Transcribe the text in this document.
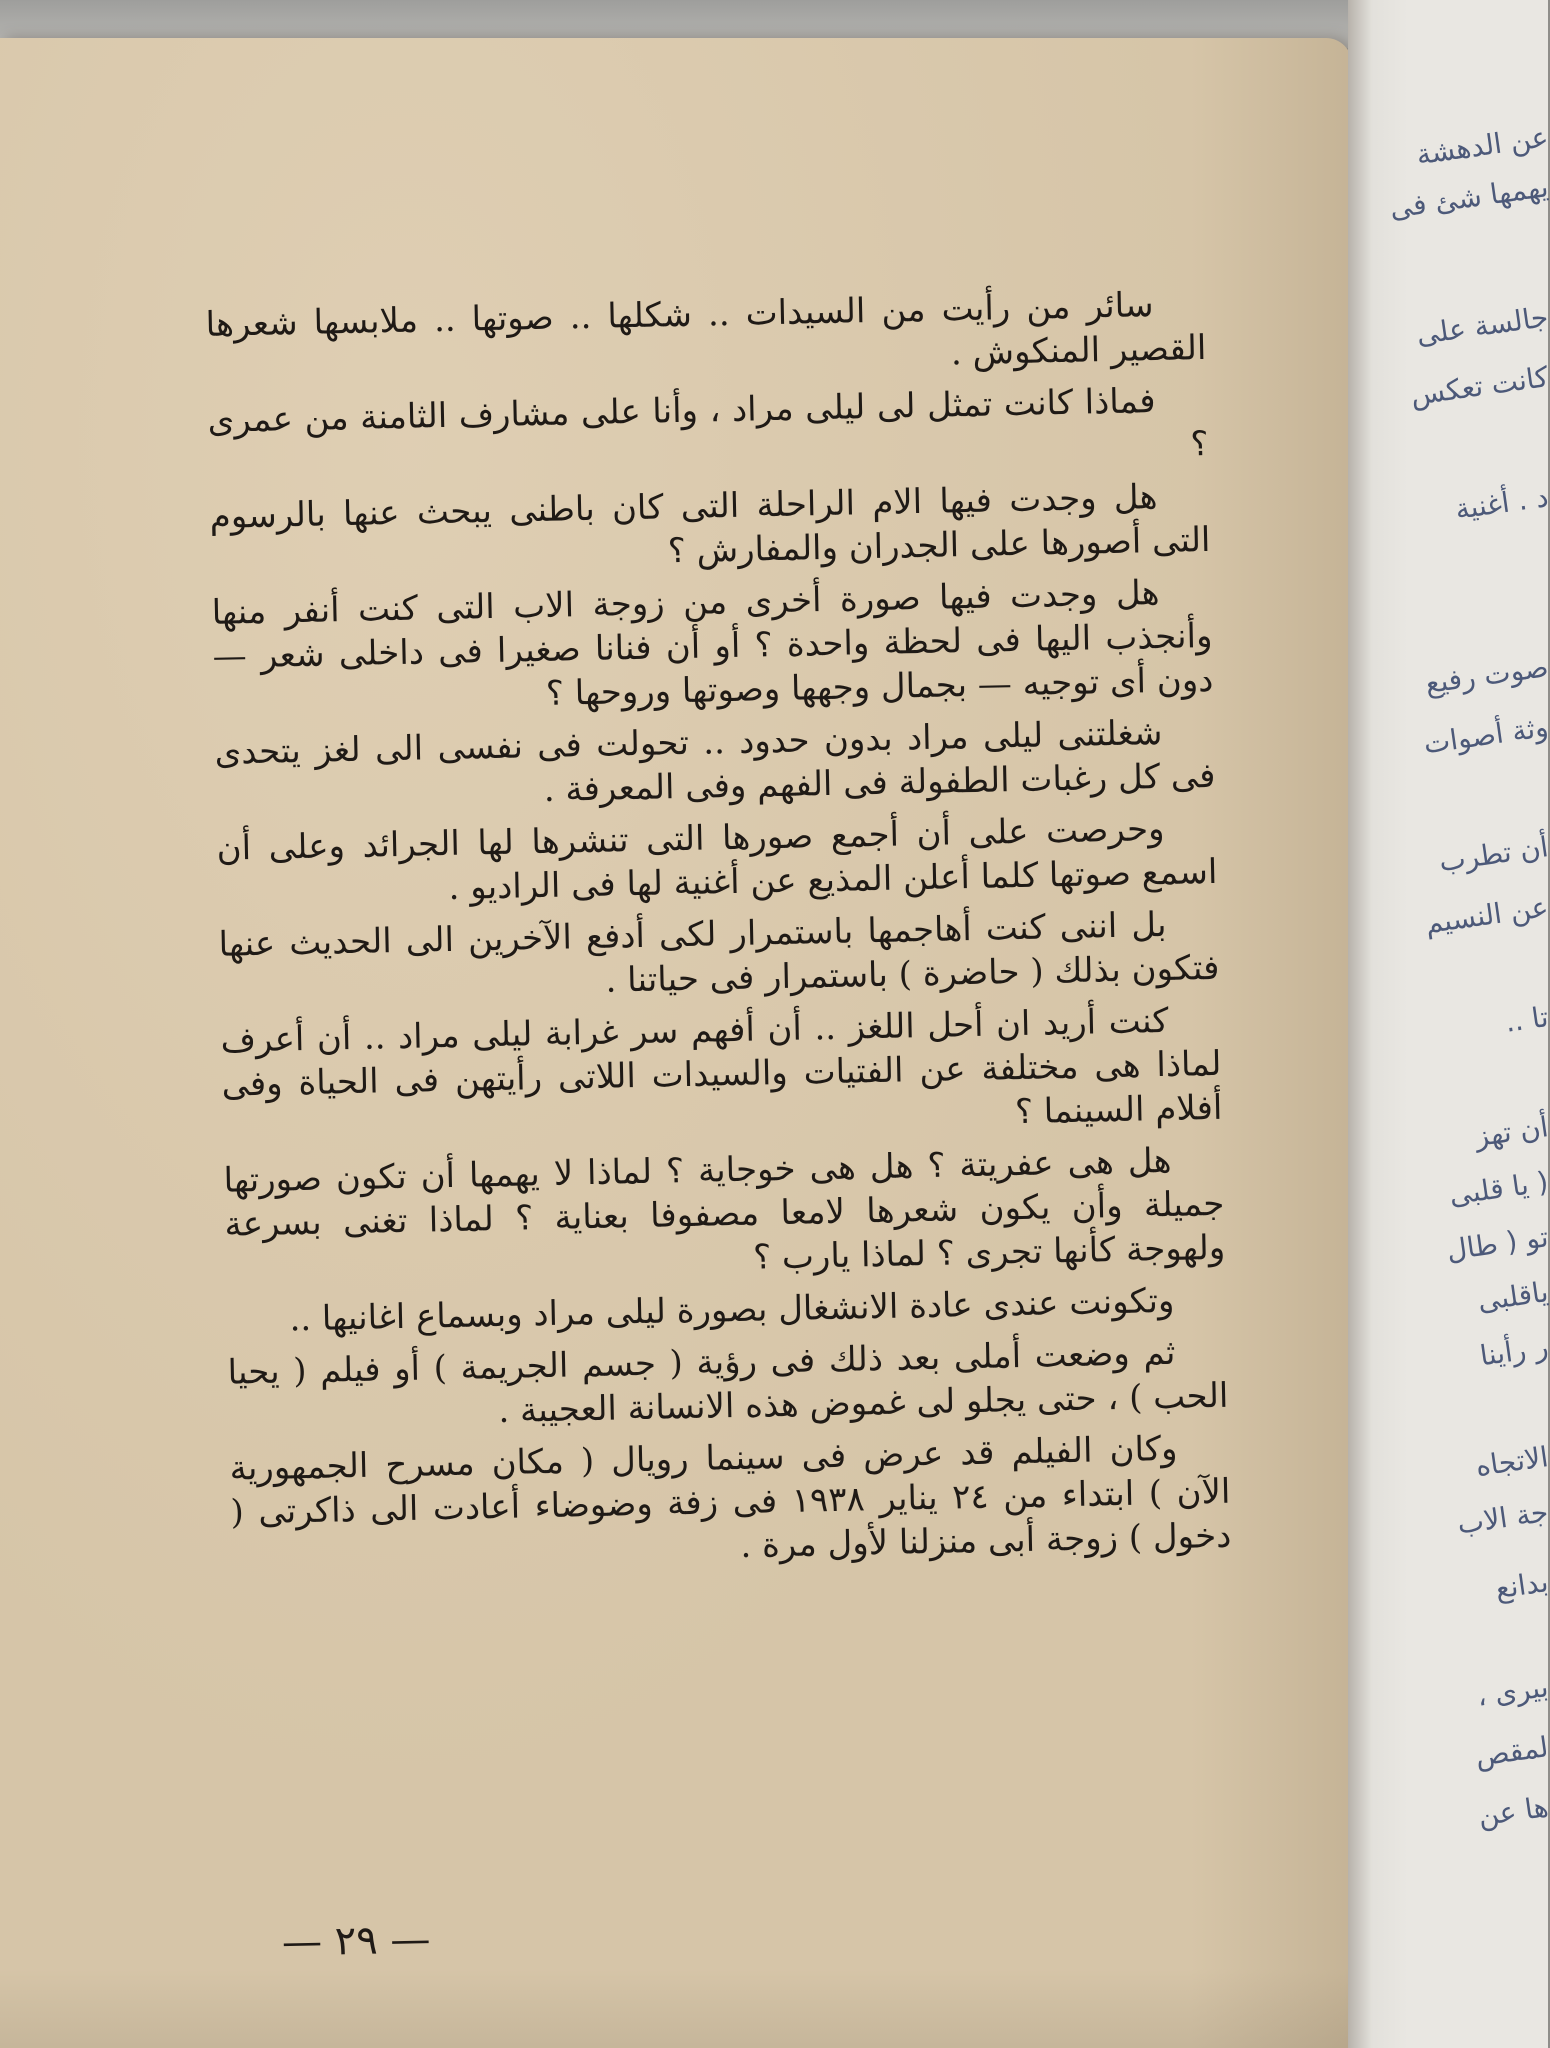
سائر من رأيت من السيدات .. شكلها .. صوتها .. ملابسها شعرها القصير المنكوش .

فماذا كانت تمثل لى ليلى مراد ، وأنا على مشارف الثامنة من عمرى ؟

هل وجدت فيها الام الراحلة التى كان باطنى يبحث عنها بالرسوم التى أصورها على الجدران والمفارش ؟

هل وجدت فيها صورة أخرى من زوجة الاب التى كنت أنفر منها وأنجذب اليها فى لحظة واحدة ؟ أو أن فنانا صغيرا فى داخلى شعر — دون أى توجيه — بجمال وجهها وصوتها وروحها ؟

شغلتنى ليلى مراد بدون حدود .. تحولت فى نفسى الى لغز يتحدى فى كل رغبات الطفولة فى الفهم وفى المعرفة .

وحرصت على أن أجمع صورها التى تنشرها لها الجرائد وعلى أن اسمع صوتها كلما أعلن المذيع عن أغنية لها فى الراديو .

بل اننى كنت أهاجمها باستمرار لكى أدفع الآخرين الى الحديث عنها فتكون بذلك ( حاضرة ) باستمرار فى حياتنا .

كنت أريد ان أحل اللغز .. أن أفهم سر غرابة ليلى مراد .. أن أعرف لماذا هى مختلفة عن الفتيات والسيدات اللاتى رأيتهن فى الحياة وفى أفلام السينما ؟

هل هى عفريتة ؟ هل هى خوجاية ؟ لماذا لا يهمها أن تكون صورتها جميلة وأن يكون شعرها لامعا مصفوفا بعناية ؟ لماذا تغنى بسرعة ولهوجة كأنها تجرى ؟ لماذا يارب ؟

وتكونت عندى عادة الانشغال بصورة ليلى مراد وبسماع اغانيها ..

ثم وضعت أملى بعد ذلك فى رؤية ( جسم الجريمة ) أو فيلم ( يحيا الحب ) ، حتى يجلو لى غموض هذه الانسانة العجيبة .

وكان الفيلم قد عرض فى سينما رويال ( مكان مسرح الجمهورية الآن ) ابتداء من ٢٤ يناير ١٩٣٨ فى زفة وضوضاء أعادت الى ذاكرتى ( دخول ) زوجة أبى منزلنا لأول مرة .

— ٢٩ —
عن الدهشة
يهمها شئ فى
جالسة على
كانت تعكس
د . أغنية
صوت رفيع
وثة أصوات
أن تطرب
عن النسيم
تا ..
أن تهز
( يا قلبى
تو ( طال
ياقلبى
ر رأينا
الاتجاه
جة الاب
بدانع
بيرى ،
لمقص
ها عن
